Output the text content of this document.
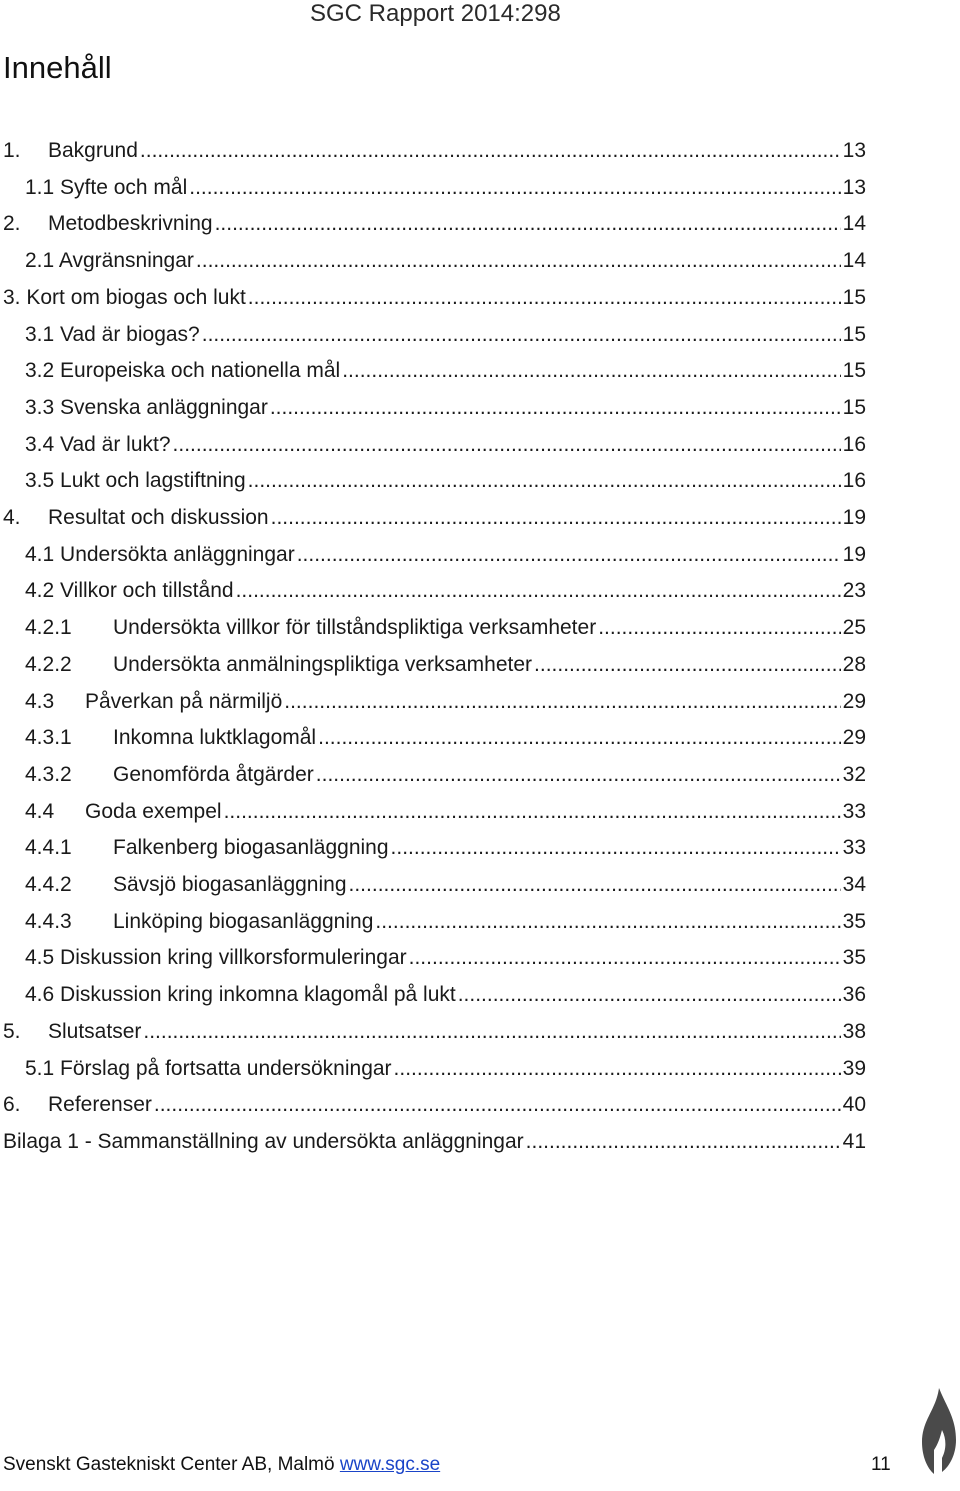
SGC Rapport 2014:298
Innehåll
1.	Bakgrund .....	13
1.1 Syfte och mål .....	13
2.	Metodbeskrivning .....	14
2.1 Avgränsningar .....	14
3. Kort om biogas och lukt .....	15
3.1 Vad är biogas? .....	15
3.2 Europeiska och nationella mål .....	15
3.3 Svenska anläggningar .....	15
3.4 Vad är lukt? .....	16
3.5 Lukt och lagstiftning .....	16
4.	Resultat och diskussion .....	19
4.1 Undersökta anläggningar .....	19
4.2 Villkor och tillstånd .....	23
4.2.1	Undersökta villkor för tillståndspliktiga verksamheter .....	25
4.2.2	Undersökta anmälningspliktiga verksamheter .....	28
4.3	Påverkan på närmiljö .....	29
4.3.1	Inkomna luktklagomål .....	29
4.3.2	Genomförda åtgärder .....	32
4.4	Goda exempel .....	33
4.4.1	Falkenberg biogasanläggning .....	33
4.4.2	Sävsjö biogasanläggning .....	34
4.4.3	Linköping biogasanläggning .....	35
4.5 Diskussion kring villkorsformuleringar .....	35
4.6 Diskussion kring inkomna klagomål på lukt .....	36
5.	Slutsatser .....	38
5.1 Förslag på fortsatta undersökningar .....	39
6.	Referenser .....	40
Bilaga 1 - Sammanställning av undersökta anläggningar .....	41
Svenskt Gastekniskt Center AB, Malmö www.sgc.se	11
